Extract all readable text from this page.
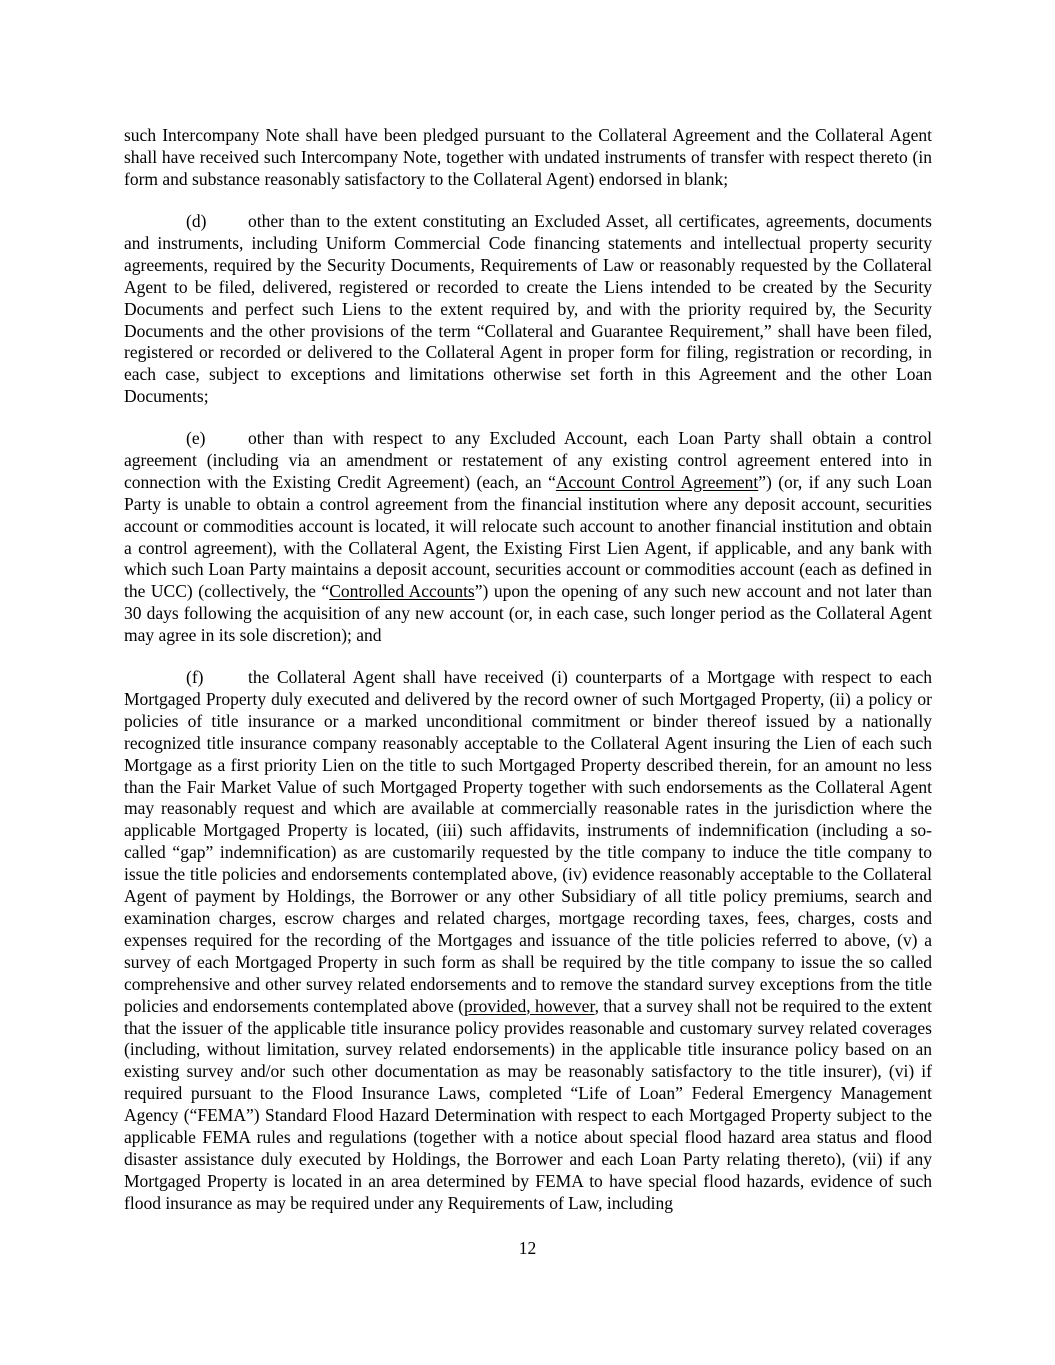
such Intercompany Note shall have been pledged pursuant to the Collateral Agreement and the Collateral Agent shall have received such Intercompany Note, together with undated instruments of transfer with respect thereto (in form and substance reasonably satisfactory to the Collateral Agent) endorsed in blank;

(d) other than to the extent constituting an Excluded Asset, all certificates, agreements, documents and instruments, including Uniform Commercial Code financing statements and intellectual property security agreements, required by the Security Documents, Requirements of Law or reasonably requested by the Collateral Agent to be filed, delivered, registered or recorded to create the Liens intended to be created by the Security Documents and perfect such Liens to the extent required by, and with the priority required by, the Security Documents and the other provisions of the term “Collateral and Guarantee Requirement,” shall have been filed, registered or recorded or delivered to the Collateral Agent in proper form for filing, registration or recording, in each case, subject to exceptions and limitations otherwise set forth in this Agreement and the other Loan Documents;

(e) other than with respect to any Excluded Account, each Loan Party shall obtain a control agreement (including via an amendment or restatement of any existing control agreement entered into in connection with the Existing Credit Agreement) (each, an “Account Control Agreement”) (or, if any such Loan Party is unable to obtain a control agreement from the financial institution where any deposit account, securities account or commodities account is located, it will relocate such account to another financial institution and obtain a control agreement), with the Collateral Agent, the Existing First Lien Agent, if applicable, and any bank with which such Loan Party maintains a deposit account, securities account or commodities account (each as defined in the UCC) (collectively, the “Controlled Accounts”) upon the opening of any such new account and not later than 30 days following the acquisition of any new account (or, in each case, such longer period as the Collateral Agent may agree in its sole discretion); and

(f)	the Collateral Agent shall have received (i) counterparts of a Mortgage with respect to each Mortgaged Property duly executed and delivered by the record owner of such Mortgaged Property, (ii) a policy or policies of title insurance or a marked unconditional commitment or binder thereof issued by a nationally recognized title insurance company reasonably acceptable to the Collateral Agent insuring the Lien of each such Mortgage as a first priority Lien on the title to such Mortgaged Property described therein, for an amount no less than the Fair Market Value of such Mortgaged Property together with such endorsements as the Collateral Agent may reasonably request and which are available at commercially reasonable rates in the jurisdiction where the applicable Mortgaged Property is located, (iii) such affidavits, instruments of indemnification (including a so-called “gap” indemnification) as are customarily requested by the title company to induce the title company to issue the title policies and endorsements contemplated above, (iv) evidence reasonably acceptable to the Collateral Agent of payment by Holdings, the Borrower or any other Subsidiary of all title policy premiums, search and examination charges, escrow charges and related charges, mortgage recording taxes, fees, charges, costs and expenses required for the recording of the Mortgages and issuance of the title policies referred to above, (v) a survey of each Mortgaged Property in such form as shall be required by the title company to issue the so called comprehensive and other survey related endorsements and to remove the standard survey exceptions from the title policies and endorsements contemplated above (provided, however, that a survey shall not be required to the extent that the issuer of the applicable title insurance policy provides reasonable and customary survey related coverages (including, without limitation, survey related endorsements) in the applicable title insurance policy based on an existing survey and/or such other documentation as may be reasonably satisfactory to the title insurer), (vi) if required pursuant to the Flood Insurance Laws, completed “Life of Loan” Federal Emergency Management Agency (“FEMA”) Standard Flood Hazard Determination with respect to each Mortgaged Property subject to the applicable FEMA rules and regulations (together with a notice about special flood hazard area status and flood disaster assistance duly executed by Holdings, the Borrower and each Loan Party relating thereto), (vii) if any Mortgaged Property is located in an area determined by FEMA to have special flood hazards, evidence of such flood insurance as may be required under any Requirements of Law, including

12
